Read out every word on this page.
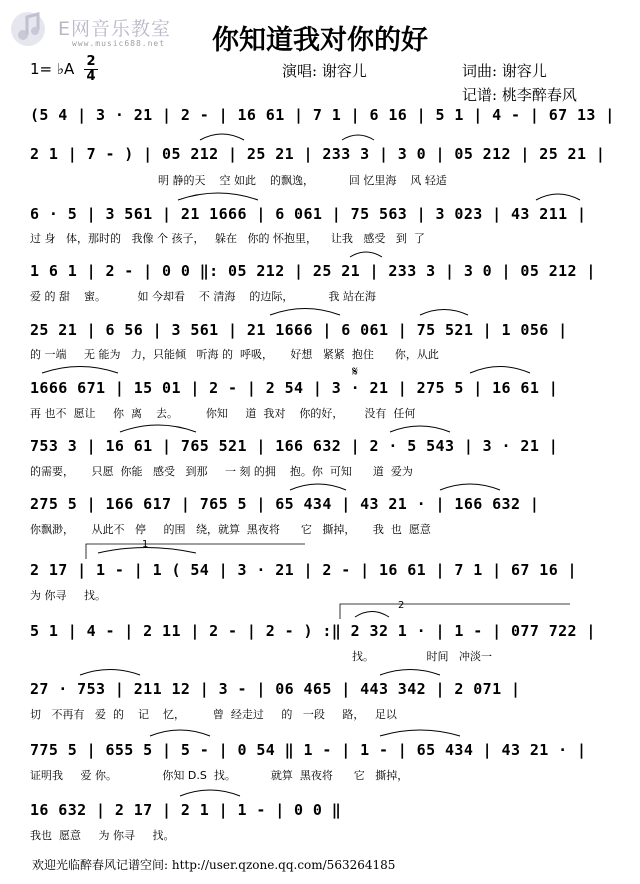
E网音乐教室
www.music688.net	你知道我对你的好
1= ♭A 2
4	演唱: 谢容儿	词曲: 谢容儿
记谱: 桃李醉春风
(5 4 | 3 · 21 | 2 - | 16 61 | 7 1 | 6 16 | 5 1 | 4 - | 67 13 |
2 1 | 7 - ) | 05 212 | 25 21 | 233 3 | 3 0 | 05 212 | 25 21 |
明 静的天    空 如此    的飘逸，          回 忆里海    风 轻适
6 · 5 | 3 561 | 21 1666 | 6 061 | 75 563 | 3 023 | 43 211 |
过 身   体，那时的   我像 个 孩子，   躲在   你的 怀抱里，    让我   感受   到  了
1 6 1 | 2 - | 0 0 ‖: 05 212 | 25 21 | 233 3 | 3 0 | 05 212 |
爱 的 甜    蜜。         如 今却看    不 清海    的边际，          我 站在海
25 21 | 6 56 | 3 561 | 21 1666 | 6 061 | 75 521 | 1 056 |
的 一端     无 能为   力，只能倾   听海 的  呼吸，     好想   紧紧  抱住      你，从此
1666 671 | 15 01 | 2 - | 2 54 | 3 · 21 | 275 5 | 16 61 |
再 也不  愿让     你  离    去。        你知     道  我对    你的好，      没有  任何
753 3 | 16 61 | 765 521 | 166 632 | 2 · 5 543 | 3 · 21 |
的需要，     只愿  你能   感受   到那     一 刻 的拥    抱。你  可知      道  爱为
275 5 | 166 617 | 765 5 | 65 434 | 43 21 · | 166 632 |
你飘渺，     从此不   停     的围   绕，就算  黑夜将      它   撕掉，     我  也  愿意
2 17 | 1 - | 1 ( 54 | 3 · 21 | 2 - | 16 61 | 7 1 | 67 16 |
为 你寻     找。
5 1 | 4 - | 2 11 | 2 - | 2 - ) :‖ 2 32 1 · | 1 - | 077 722 |
找。               时间   冲淡一
27 · 753 | 211 12 | 3 - | 06 465 | 443 342 | 2 071 |
切   不再有   爱  的    记    忆，        曾  经走过     的   一段     路，   足以
775 5 | 655 5 | 5 - | 0 54 ‖ 1 - | 1 - | 65 434 | 43 21 · |
证明我     爱 你。             你知 D.S  找。          就算  黑夜将      它   撕掉，
16 632 | 2 17 | 2 1 | 1 - | 0 0 ‖
我也  愿意     为 你寻     找。
𝄋
1
2
欢迎光临醉春风记谱空间: http://user.qzone.qq.com/563264185
